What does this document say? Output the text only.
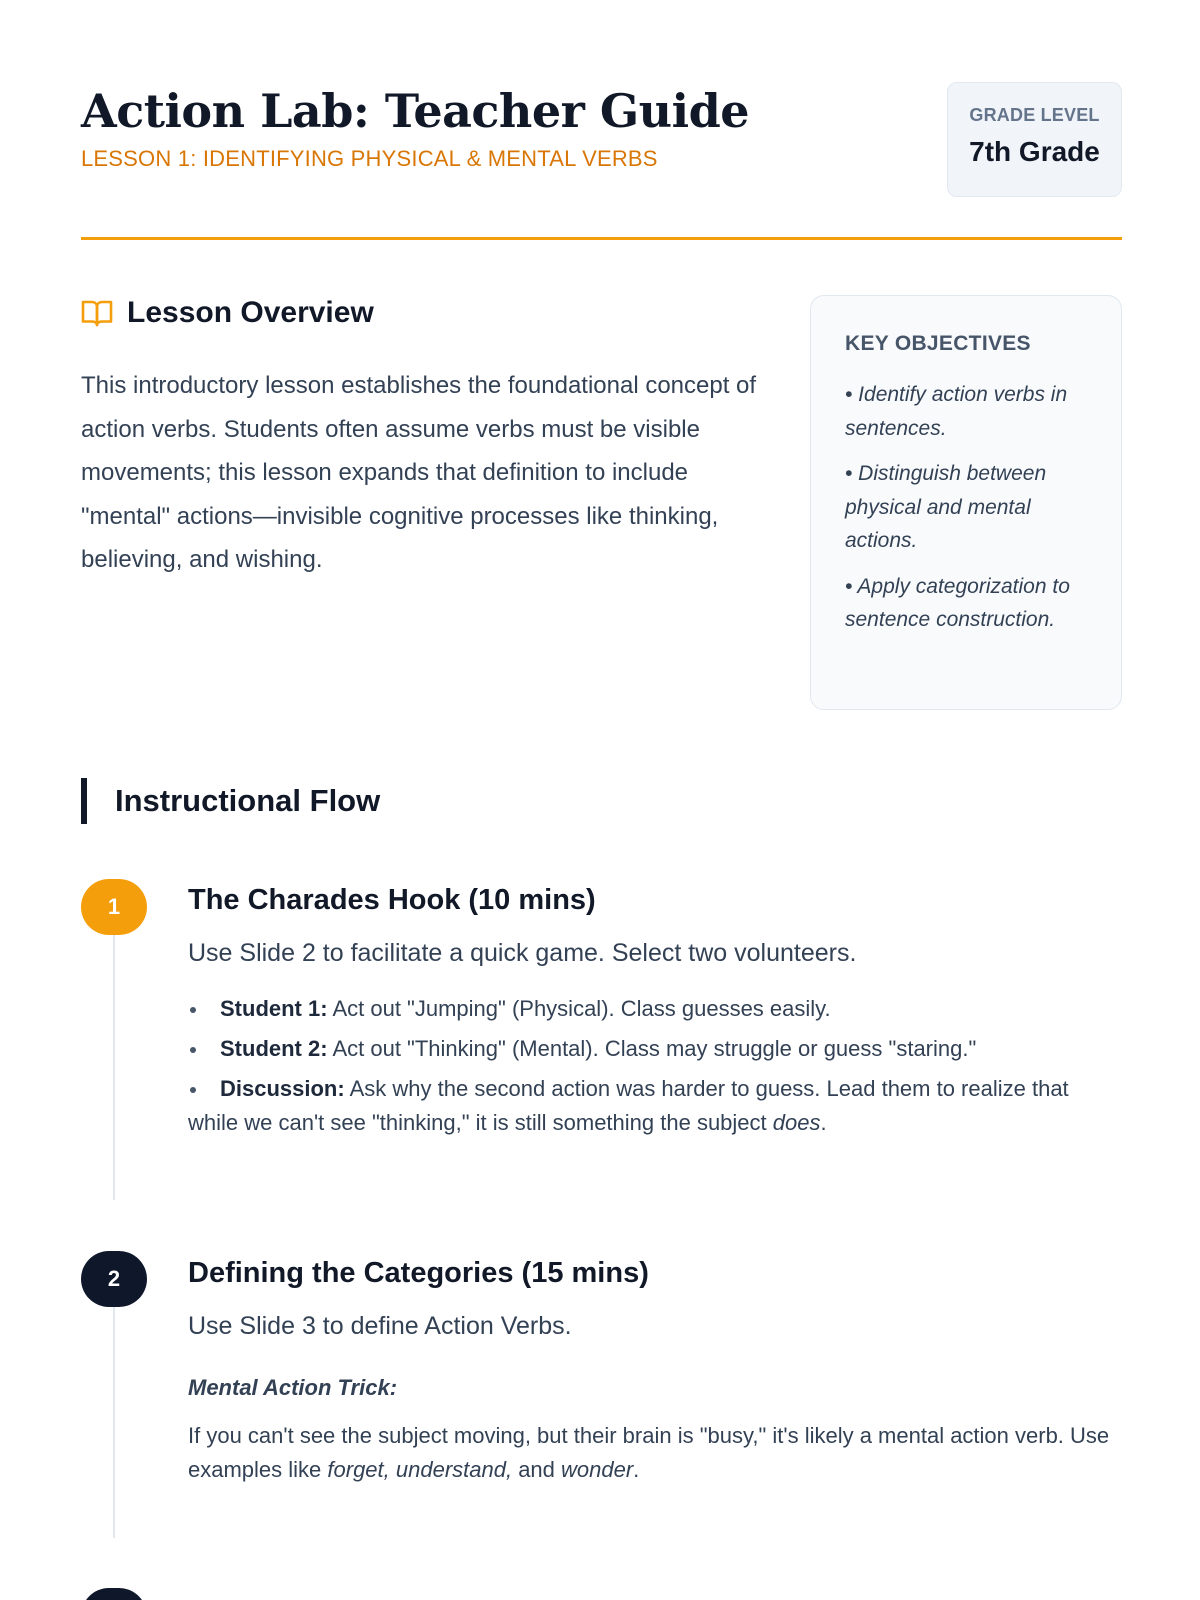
Action Lab: Teacher Guide
LESSON 1: IDENTIFYING PHYSICAL & MENTAL VERBS
GRADE LEVEL
7th Grade
Lesson Overview

This introductory lesson establishes the foundational concept of action verbs. Students often assume verbs must be visible movements; this lesson expands that definition to include "mental" actions—invisible cognitive processes like thinking, believing, and wishing.

KEY OBJECTIVES
• Identify action verbs in sentences.
• Distinguish between physical and mental actions.
• Apply categorization to sentence construction.
Instructional Flow
1	The Charades Hook (10 mins)

Use Slide 2 to facilitate a quick game. Select two volunteers.

Student 1: Act out "Jumping" (Physical). Class guesses easily.
Student 2: Act out "Thinking" (Mental). Class may struggle or guess "staring."
Discussion: Ask why the second action was harder to guess. Lead them to realize that while we can't see "thinking," it is still something the subject does.
2	Defining the Categories (15 mins)

Use Slide 3 to define Action Verbs.

Mental Action Trick:

If you can't see the subject moving, but their brain is "busy," it's likely a mental action verb. Use examples like forget, understand, and wonder.
